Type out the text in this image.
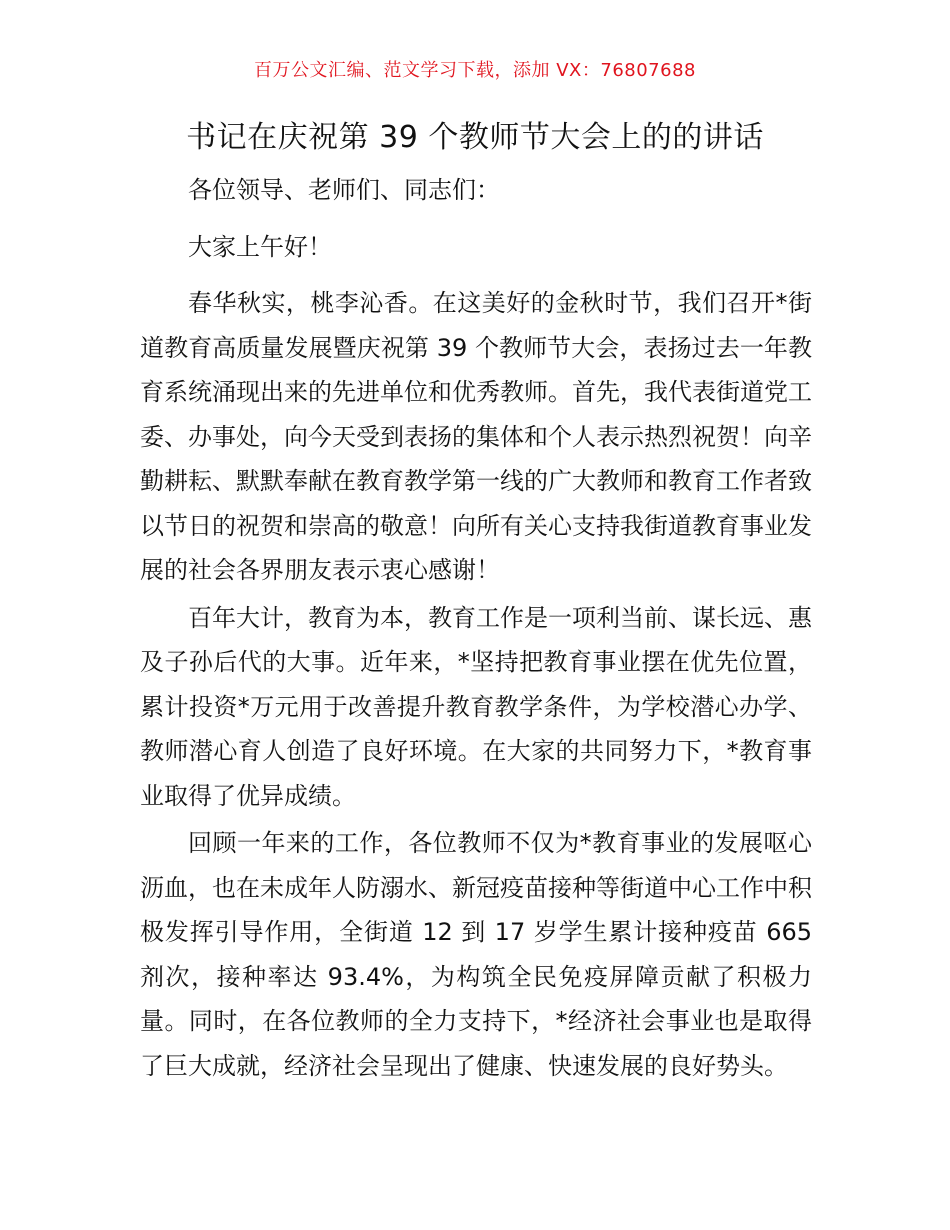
百万公文汇编、范文学习下载，添加 VX：76807688
书记在庆祝第 39 个教师节大会上的的讲话

各位领导、老师们、同志们：

大家上午好！

春华秋实，桃李沁香。在这美好的金秋时节，我们召开*街道教育高质量发展暨庆祝第 39 个教师节大会，表扬过去一年教育系统涌现出来的先进单位和优秀教师。首先，我代表街道党工委、办事处，向今天受到表扬的集体和个人表示热烈祝贺！向辛勤耕耘、默默奉献在教育教学第一线的广大教师和教育工作者致以节日的祝贺和崇高的敬意！向所有关心支持我街道教育事业发展的社会各界朋友表示衷心感谢！

百年大计，教育为本，教育工作是一项利当前、谋长远、惠及子孙后代的大事。近年来，*坚持把教育事业摆在优先位置，累计投资*万元用于改善提升教育教学条件，为学校潜心办学、教师潜心育人创造了良好环境。在大家的共同努力下，*教育事业取得了优异成绩。

回顾一年来的工作，各位教师不仅为*教育事业的发展呕心沥血，也在未成年人防溺水、新冠疫苗接种等街道中心工作中积极发挥引导作用，全街道 12 到 17 岁学生累计接种疫苗 665 剂次，接种率达 93.4%，为构筑全民免疫屏障贡献了积极力量。同时，在各位教师的全力支持下，*经济社会事业也是取得了巨大成就，经济社会呈现出了健康、快速发展的良好势头。
